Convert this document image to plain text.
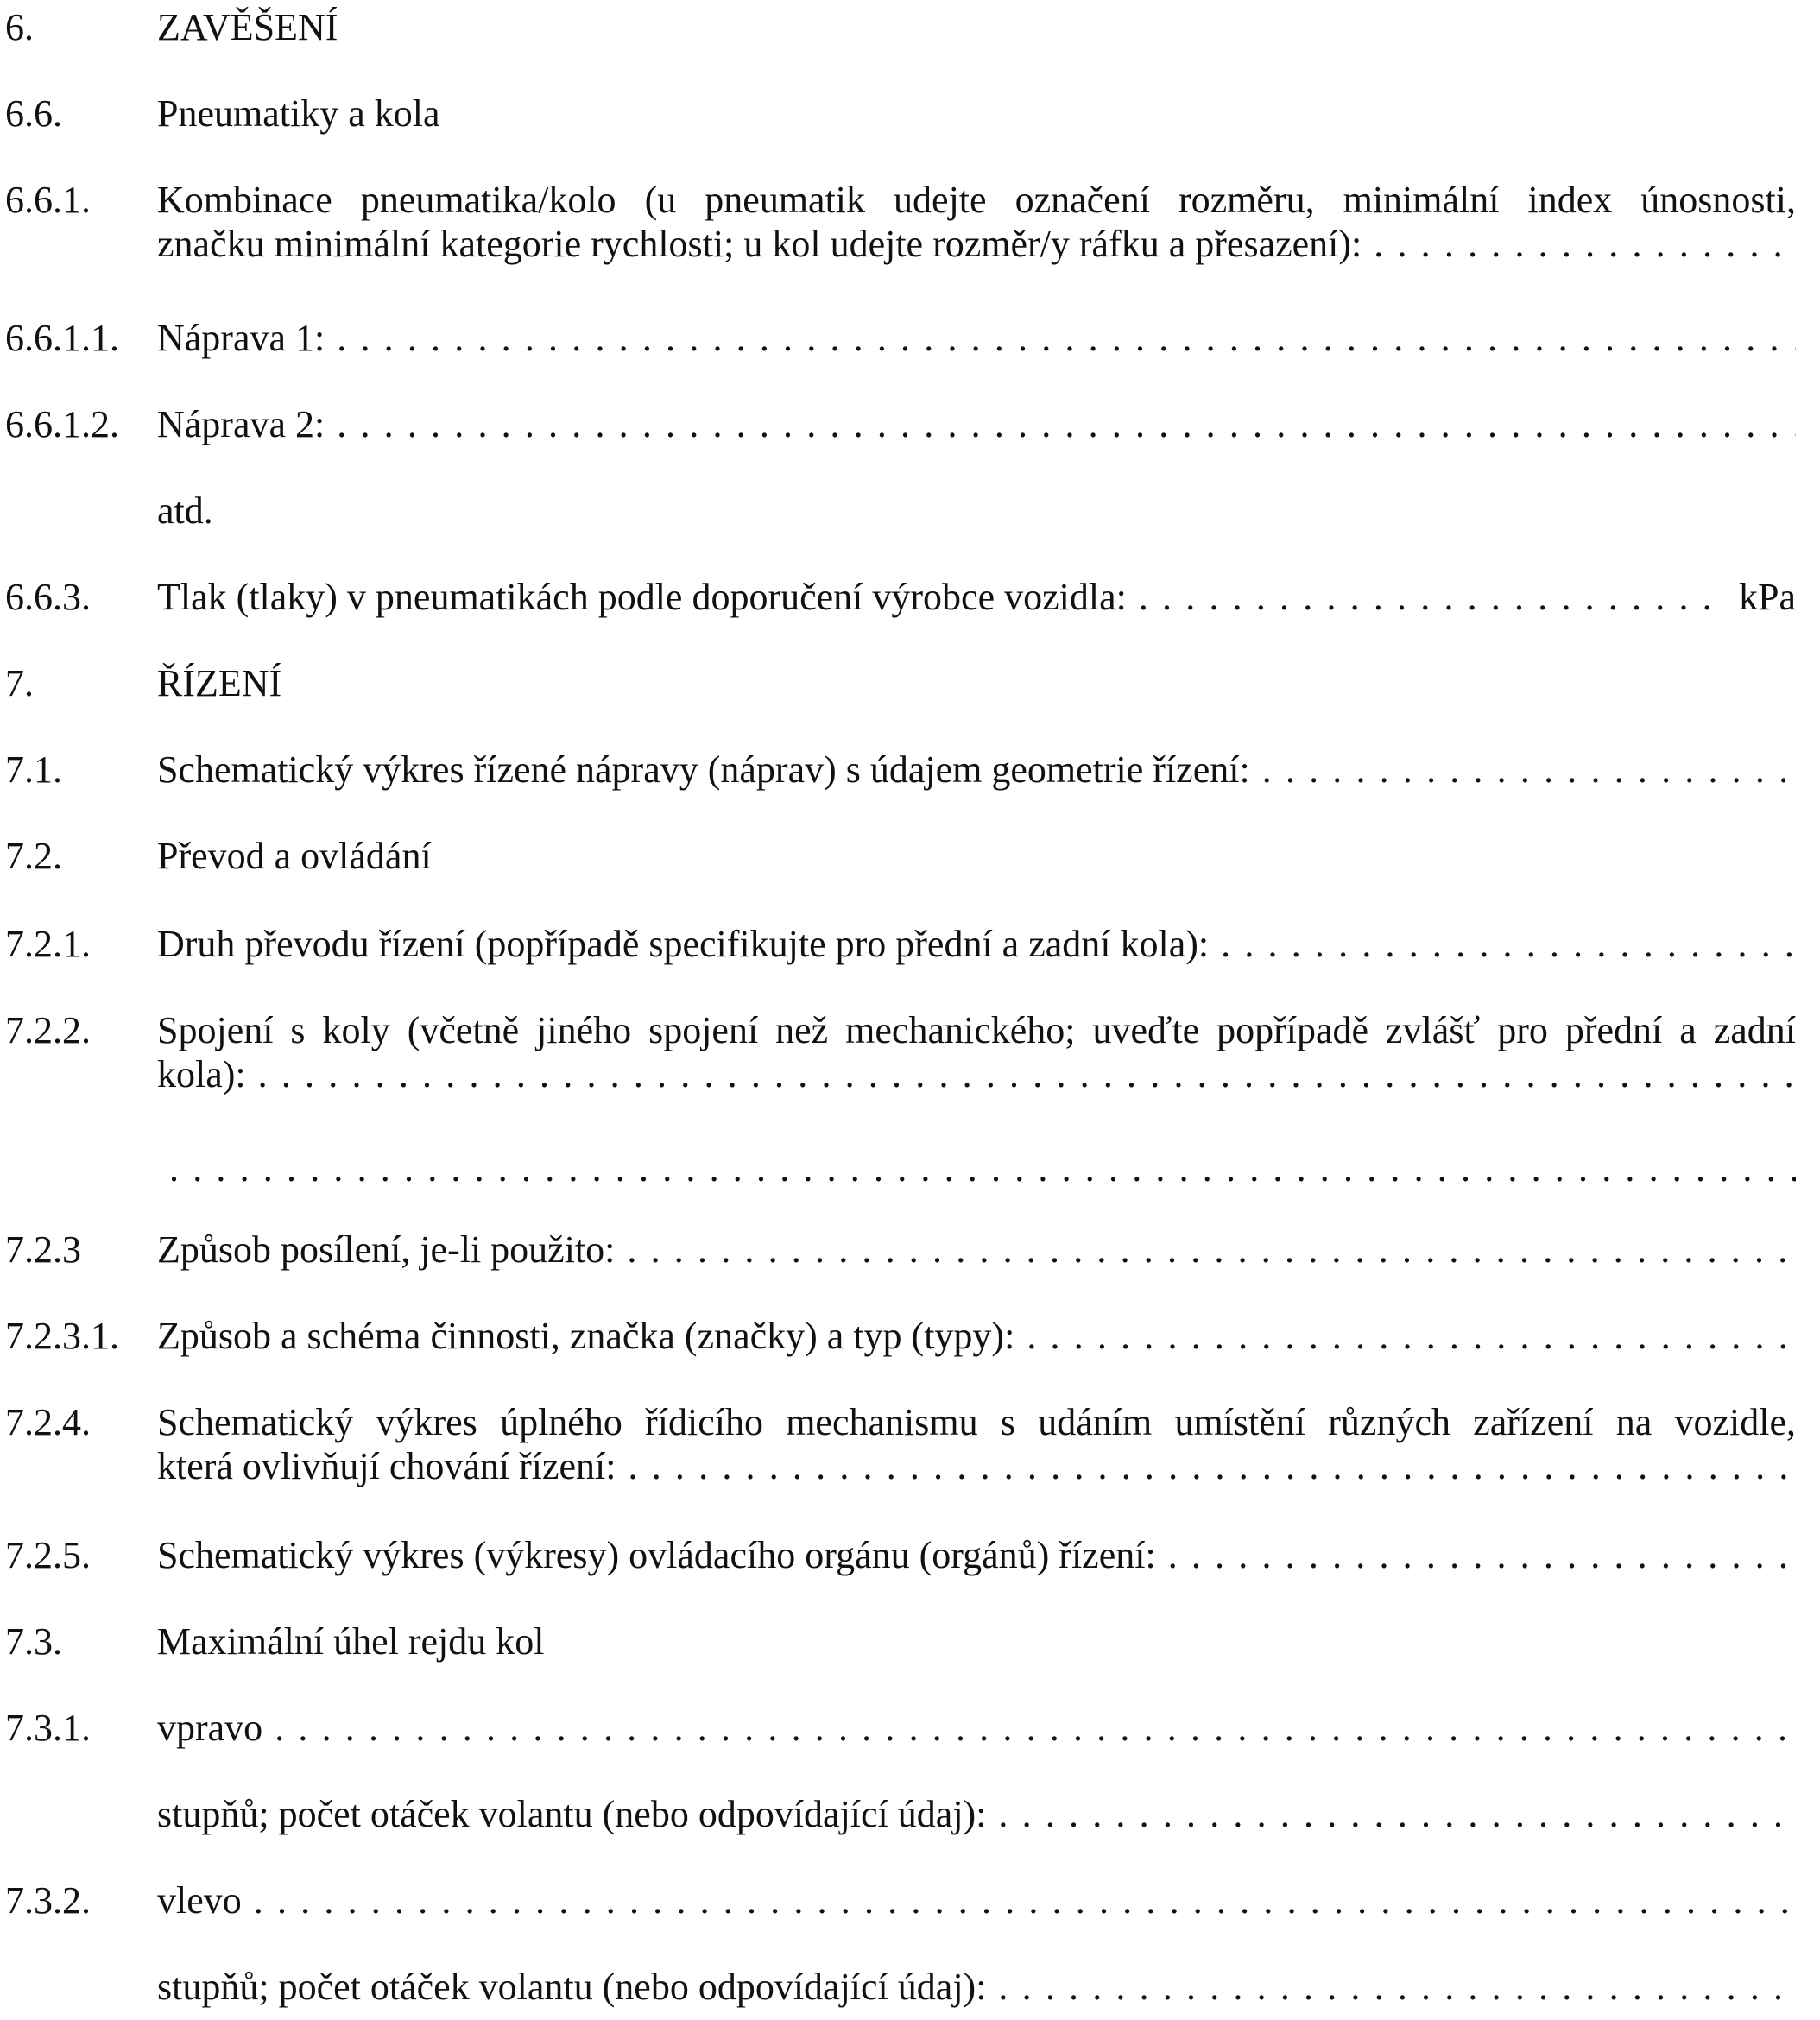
6.	ZAVĚŠENÍ
6.6.	Pneumatiky a kola
6.6.1. Kombinace pneumatika/kolo (u pneumatik udejte označení rozměru, minimální index únosnosti,
značku minimální kategorie rychlosti; u kol udejte rozměr/y ráfku a přesazení):
. . .
6.6.1.1. Náprava 1:
. . .
6.6.1.2. Náprava 2:
. . .
atd.
6.6.3. Tlak (tlaky) v pneumatikách podle doporučení výrobce vozidla:
. . .	kPa
7.	ŘÍZENÍ
7.1.	Schematický výkres řízené nápravy (náprav) s údajem geometrie řízení:
. . .
7.2.	Převod a ovládání
7.2.1. Druh převodu řízení (popřípadě specifikujte pro přední a zadní kola):
. . .
7.2.2. Spojení s koly (včetně jiného spojení než mechanického; uveďte popřípadě zvlášť pro přední a zadní
kola):
. . .
. . .
7.2.3 Způsob posílení, je-li použito:
. . .
7.2.3.1. Způsob a schéma činnosti, značka (značky) a typ (typy):
. . .
7.2.4. Schematický výkres úplného řídicího mechanismu s udáním umístění různých zařízení na vozidle,
která ovlivňují chování řízení:
. . .
7.2.5. Schematický výkres (výkresy) ovládacího orgánu (orgánů) řízení:
. . .
7.3.	Maximální úhel rejdu kol
7.3.1. vpravo
. . .
stupňů; počet otáček volantu (nebo odpovídající údaj):
. . .
7.3.2. vlevo
. . .
stupňů; počet otáček volantu (nebo odpovídající údaj):
. . .
